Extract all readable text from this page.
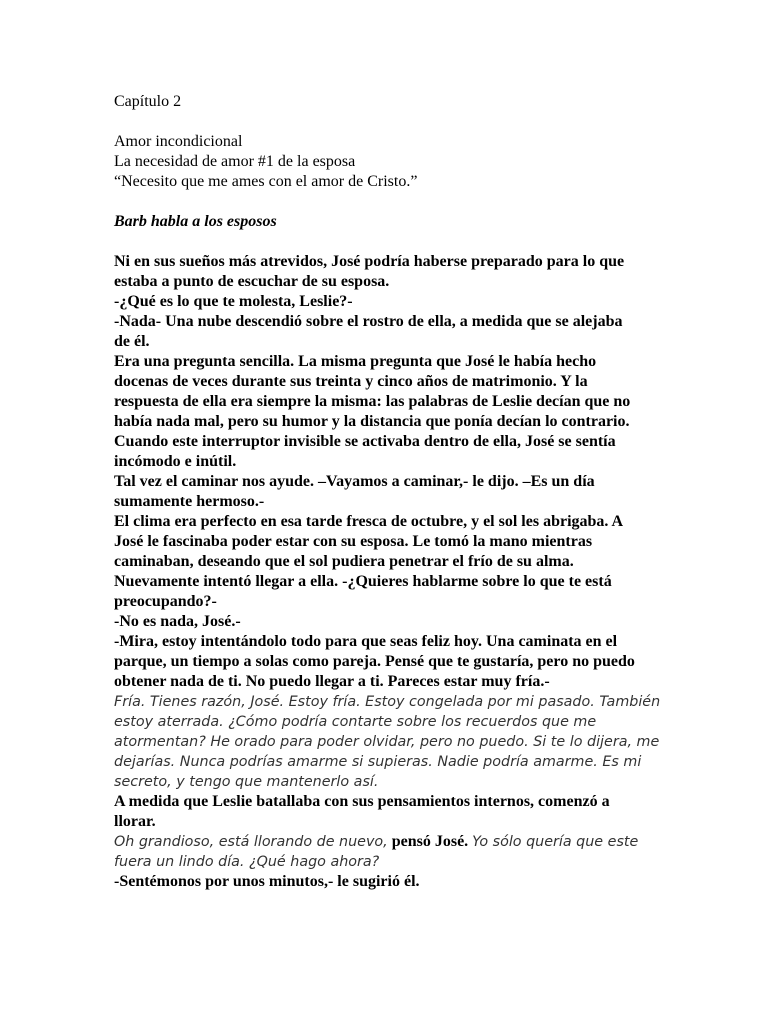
Capítulo 2

Amor incondicional

La necesidad de amor #1 de la esposa

“Necesito que me ames con el amor de Cristo.”

Barb habla a los esposos

Ni en sus sueños más atrevidos, José podría haberse preparado para lo que

estaba a punto de escuchar de su esposa.

-¿Qué es lo que te molesta, Leslie?-

-Nada- Una nube descendió sobre el rostro de ella, a medida que se alejaba

de él.

Era una pregunta sencilla. La misma pregunta que José le había hecho

docenas de veces durante sus treinta y cinco años de matrimonio. Y la

respuesta de ella era siempre la misma: las palabras de Leslie decían que no

había nada mal, pero su humor y la distancia que ponía decían lo contrario.

Cuando este interruptor invisible se activaba dentro de ella, José se sentía

incómodo e inútil.

Tal vez el caminar nos ayude. –Vayamos a caminar,- le dijo. –Es un día

sumamente hermoso.-

El clima era perfecto en esa tarde fresca de octubre, y el sol les abrigaba. A

José le fascinaba poder estar con su esposa. Le tomó la mano mientras

caminaban, deseando que el sol pudiera penetrar el frío de su alma.

Nuevamente intentó llegar a ella. -¿Quieres hablarme sobre lo que te está

preocupando?-

-No es nada, José.-

-Mira, estoy intentándolo todo para que seas feliz hoy. Una caminata en el

parque, un tiempo a solas como pareja. Pensé que te gustaría, pero no puedo

obtener nada de ti. No puedo llegar a ti. Pareces estar muy fría.-

Fría. Tienes razón, José. Estoy fría. Estoy congelada por mi pasado. También

estoy aterrada. ¿Cómo podría contarte sobre los recuerdos que me

atormentan? He orado para poder olvidar, pero no puedo. Si te lo dijera, me

dejarías. Nunca podrías amarme si supieras. Nadie podría amarme. Es mi

secreto, y tengo que mantenerlo así.

A medida que Leslie batallaba con sus pensamientos internos, comenzó a

llorar.

Oh grandioso, está llorando de nuevo, pensó José. Yo sólo quería que este

fuera un lindo día. ¿Qué hago ahora?

-Sentémonos por unos minutos,- le sugirió él.
